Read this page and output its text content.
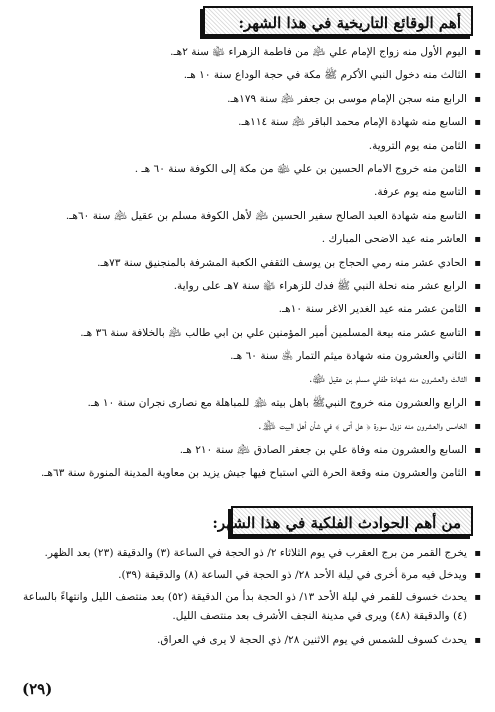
أهم الوقائع التاريخية في هذا الشهر:
▪ اليوم الأول منه زواج الإمام علي ﵇ من فاطمة الزهراء ﵍ سنة ٢هـ.
▪ الثالث منه دخول النبي الأكرم ﷺ مكة في حجة الوداع سنة ١٠ هـ.
▪ الرابع منه سجن الإمام موسى بن جعفر ﵇ سنة ١٧٩هـ.
▪ السابع منه شهادة الإمام محمد الباقر ﵇ سنة ١١٤هـ.
▪ الثامن منه يوم التروية.
▪ الثامن منه خروج الامام الحسين بن علي ﵉ من مكة إلى الكوفة سنة ٦٠ هـ .
▪ التاسع منه يوم عرفة.
▪ التاسع منه شهادة العبد الصالح سفير الحسين ﵇ لأهل الكوفة مسلم بن عقيل ﵇ سنة ٦٠هـ.
▪ العاشر منه عيد الاضحى المبارك .
▪ الحادي عشر منه رمي الحجاج بن يوسف الثقفي الكعبة المشرفة بالمنجنيق سنة ٧٣هـ.
▪ الرابع عشر منه نحلة النبي ﷺ فدك للزهراء ﵍ سنة ٧هـ على رواية.
▪ الثامن عشر منه عيد الغدير الاغر سنة ١٠هـ.
▪ التاسع عشر منه بيعة المسلمين أمير المؤمنين علي بن ابي طالب ﵇ بالخلافة سنة ٣٦ هـ.
▪ الثاني والعشرون منه شهادة ميثم التمار ﵁ سنة ٦٠ هـ.
▪ الثالث والعشرون منه شهادة طفلي مسلم بن عقيل ﵉.
▪ الرابع والعشرون منه خروج النبيﷺ باهل بيته ﵈ للمباهلة مع نصارى نجران سنة ١٠ هـ.
▪ الخامس والعشرون منه نزول سورة ﴿ هل أتى ﴾ في شأن أهل البيت ﵈.
▪ السابع والعشرون منه وفاة علي بن جعفر الصادق ﵇ سنة ٢١٠ هـ.
▪ الثامن والعشرون منه وقعة الحرة التي استباح فيها جيش يزيد بن معاوية المدينة المنورة سنة ٦٣هـ.
من أهم الحوادث الفلكية في هذا الشهر:
▪ يخرج القمر من برج العقرب في يوم الثلاثاء ٢/ ذو الحجة في الساعة (٣) والدقيقة (٢٣) بعد الظهر.
▪ ويدخل فيه مرة أخرى في ليلة الأحد ٢٨/ ذو الحجة في الساعة (٨) والدقيقة (٣٩).
▪ يحدث خسوف للقمر في ليلة الأحد ١٣/ ذو الحجة بدأ من الدقيقة (٥٢) بعد منتصف الليل وانتهاءً بالساعة (٤) والدقيقة (٤٨) ويرى في مدينة النجف الأشرف بعد منتصف الليل.
▪ يحدث كسوف للشمس في يوم الاثنين ٢٨/ ذي الحجة لا يرى في العراق.
(٢٩)
